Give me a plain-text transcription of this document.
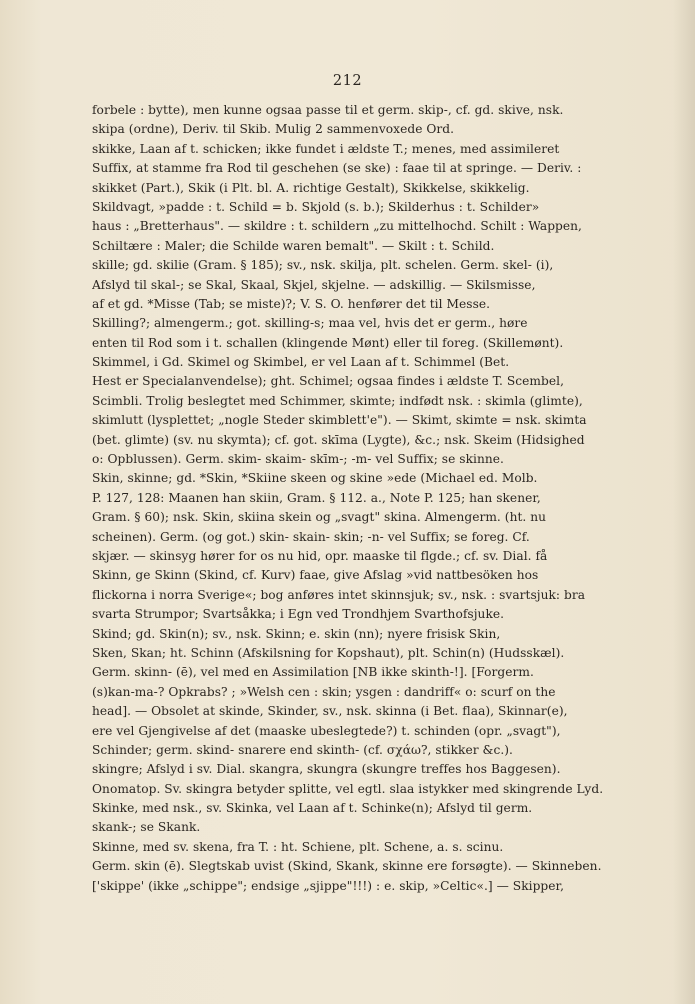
212
forbele : bytte), men kunne ogsaa passe til et germ. skip-, cf. gd. skive, nsk.
skipa (ordne), Deriv. til Skib. Mulig 2 sammenvoxede Ord.
skikke, Laan af t. schicken; ikke fundet i ældste T.; menes, med assimileret
Suffix, at stamme fra Rod til geschehen (se ske) : faae til at springe. — Deriv. :
skikket (Part.), Skik (i Plt. bl. A. richtige Gestalt), Skikkelse, skikkelig.
Skildvagt, »padde : t. Schild = b. Skjold (s. b.); Skilderhus : t. Schilder»
haus : „Bretterhaus". — skildre : t. schildern „zu mittelhochd. Schilt : Wappen,
Schiltære : Maler; die Schilde waren bemalt". — Skilt : t. Schild.
skille; gd. skilie (Gram. § 185); sv., nsk. skilja, plt. schelen. Germ. skel- (i),
Afslyd til skal-; se Skal, Skaal, Skjel, skjelne. — adskillig. — Skilsmisse,
af et gd. *Misse (Tab; se miste)?; V. S. O. henfører det til Messe.
Skilling?; almengerm.; got. skilling-s; maa vel, hvis det er germ., høre
enten til Rod som i t. schallen (klingende Mønt) eller til foreg. (Skillemønt).
Skimmel, i Gd. Skimel og Skimbel, er vel Laan af t. Schimmel (Bet.
Hest er Specialanvendelse); ght. Schimel; ogsaa findes i ældste T. Scembel,
Scimbli. Trolig beslegtet med Schimmer, skimte; indfødt nsk. : skimla (glimte),
skimlutt (lysplettet; „nogle Steder skimblett'e"). — Skimt, skimte = nsk. skimta
(bet. glimte) (sv. nu skymta); cf. got. skīma (Lygte), &c.; nsk. Skeim (Hidsighed
o: Opblussen). Germ. skim- skaim- skīm-; -m- vel Suffix; se skinne.
Skin, skinne; gd. *Skin, *Skiine skeen og skine »ede (Michael ed. Molb.
P. 127, 128: Maanen han skiin, Gram. § 112. a., Note P. 125; han skener,
Gram. § 60); nsk. Skin, skiina skein og „svagt" skina. Almengerm. (ht. nu
scheinen). Germ. (og got.) skin- skain- skin; -n- vel Suffix; se foreg. Cf.
skjær. — skinsyg hører for os nu hid, opr. maaske til flgde.; cf. sv. Dial. få
Skinn, ge Skinn (Skind, cf. Kurv) faae, give Afslag »vid nattbesöken hos
flickorna i norra Sverige«; bog anføres intet skinnsjuk; sv., nsk. : svartsjuk: bra
svarta Strumpor; Svartsåkka; i Egn ved Trondhjem Svarthofsjuke.
Skind; gd. Skin(n); sv., nsk. Skinn; e. skin (nn); nyere frisisk Skin,
Sken, Skan; ht. Schinn (Afskilsning for Kopshaut), plt. Schin(n) (Hudsskæl).
Germ. skinn- (ē), vel med en Assimilation [NB ikke skinth-!]. [Forgerm.
(s)kan-ma-? Opkrabs? ; »Welsh cen : skin; ysgen : dandriff« o: scurf on the
head]. — Obsolet at skinde, Skinder, sv., nsk. skinna (i Bet. flaa), Skinnar(e),
ere vel Gjengivelse af det (maaske ubeslegtede?) t. schinden (opr. „svagt"),
Schinder; germ. skind- snarere end skinth- (cf. σχάω?, stikker &c.).
skingre; Afslyd i sv. Dial. skangra, skungra (skungre treffes hos Baggesen).
Onomatop. Sv. skingra betyder splitte, vel egtl. slaa istykker med skingrende Lyd.
Skinke, med nsk., sv. Skinka, vel Laan af t. Schinke(n); Afslyd til germ.
skank-; se Skank.
Skinne, med sv. skena, fra T. : ht. Schiene, plt. Schene, a. s. scinu.
Germ. skin (ē). Slegtskab uvist (Skind, Skank, skinne ere forsøgte). — Skinneben.
['skippe' (ikke „schippe"; endsige „sjippe"!!!) : e. skip, »Celtic«.] — Skipper,
